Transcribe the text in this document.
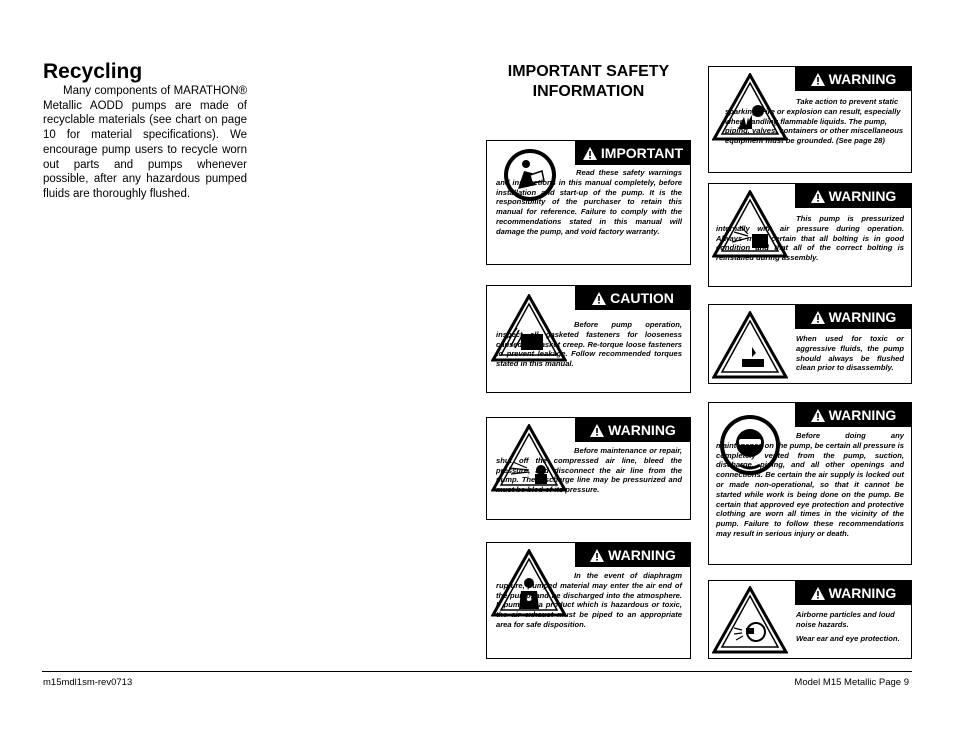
Recycling

Many components of MARATHON® Metallic AODD pumps are made of recyclable materials (see chart on page 10 for material specifications). We encourage pump users to recycle worn out parts and pumps whenever possible, after any hazardous pumped fluids are thoroughly flushed.

IMPORTANT SAFETY
INFORMATION
IMPORTANT

Read these safety warnings and instructions in this manual completely, before installation and start-up of the pump. It is the responsibility of the purchaser to retain this manual for reference. Failure to comply with the recommendations stated in this manual will damage the pump, and void factory warranty.

CAUTION

Before pump operation, inspect all gasketed fasteners for looseness caused by gasket creep. Re-torque loose fasteners to prevent leakage. Follow recommended torques stated in this manual.

WARNING

Before maintenance or repair, shut off the compressed air line, bleed the pressure, and disconnect the air line from the pump. The discharge line may be pressurized and must be bled of its pressure.

WARNING

In the event of diaphragm rupture, pumped material may enter the air end of the pump, and be discharged into the atmosphere. If pumping a product which is hazardous or toxic, the air exhaust must be piped to an appropriate area for safe disposition.

WARNING

Take action to prevent static sparking. Fire or explosion can result, especially when handling flammable liquids. The pump, piping, valves, containers or other miscellaneous equipment must be grounded. (See page 28)

WARNING

This pump is pressurized internally with air pressure during operation. Always make certain that all bolting is in good condition and that all of the correct bolting is reinstalled during assembly.

WARNING

When used for toxic or aggressive fluids, the pump should always be flushed clean prior to disassembly.

WARNING

Before doing any maintenance on the pump, be certain all pressure is completely vented from the pump, suction, discharge, piping, and all other openings and connections. Be certain the air supply is locked out or made non-operational, so that it cannot be started while work is being done on the pump. Be certain that approved eye protection and protective clothing are worn all times in the vicinity of the pump. Failure to follow these recommendations may result in serious injury or death.

WARNING

Airborne particles and loud noise hazards.

Wear ear and eye protection.

m15mdl1sm-rev0713	Model M15 Metallic Page 9
